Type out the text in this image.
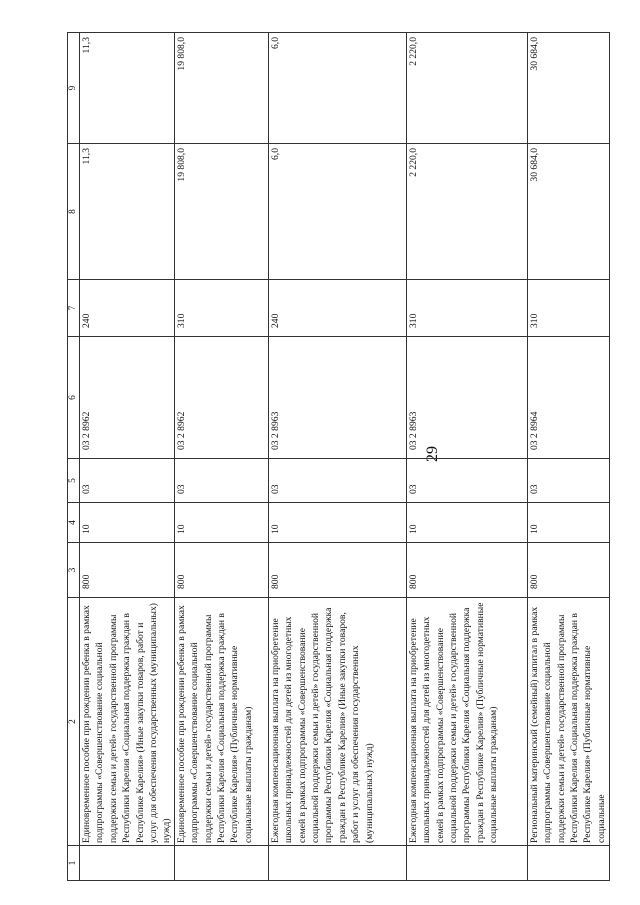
29
1	2	3	4	5	6	7	8	9
	Единовременное пособие при рождении ребенка в рамках подпрограммы «Совершенствование социальной поддержки семьи и детей» государственной программы Республики Карелия «Социальная поддержка граждан в Республике Карелия» (Иные закупки товаров, работ и услуг для обеспечения государственных (муниципальных) нужд)	800	10	03	03 2 8962	240	11,3	11,3
	Единовременное пособие при рождении ребенка в рамках подпрограммы «Совершенствование социальной поддержки семьи и детей» государственной программы Республики Карелия «Социальная поддержка граждан в Республике Карелия» (Публичные нормативные социальные выплаты гражданам)	800	10	03	03 2 8962	310	19 808,0	19 808,0
	Ежегодная компенсационная выплата на приобретение школьных принадлежностей для детей из многодетных семей в рамках подпрограммы «Совершенствование социальной поддержки семьи и детей» государственной программы Республики Карелия «Социальная поддержка граждан в Республике Карелия» (Иные закупки товаров, работ и услуг для обеспечения государственных (муниципальных) нужд)	800	10	03	03 2 8963	240	6,0	6,0
	Ежегодная компенсационная выплата на приобретение школьных принадлежностей для детей из многодетных семей в рамках подпрограммы «Совершенствование социальной поддержки семьи и детей» государственной программы Республики Карелия «Социальная поддержка граждан в Республике Карелия» (Публичные нормативные социальные выплаты гражданам)	800	10	03	03 2 8963	310	2 220,0	2 220,0
	Региональный материнский (семейный) капитал в рамках подпрограммы «Совершенствование социальной поддержки семьи и детей» государственной программы Республики Карелия «Социальная поддержка граждан в Республике Карелия» (Публичные нормативные социальные	800	10	03	03 2 8964	310	30 684,0	30 684,0
